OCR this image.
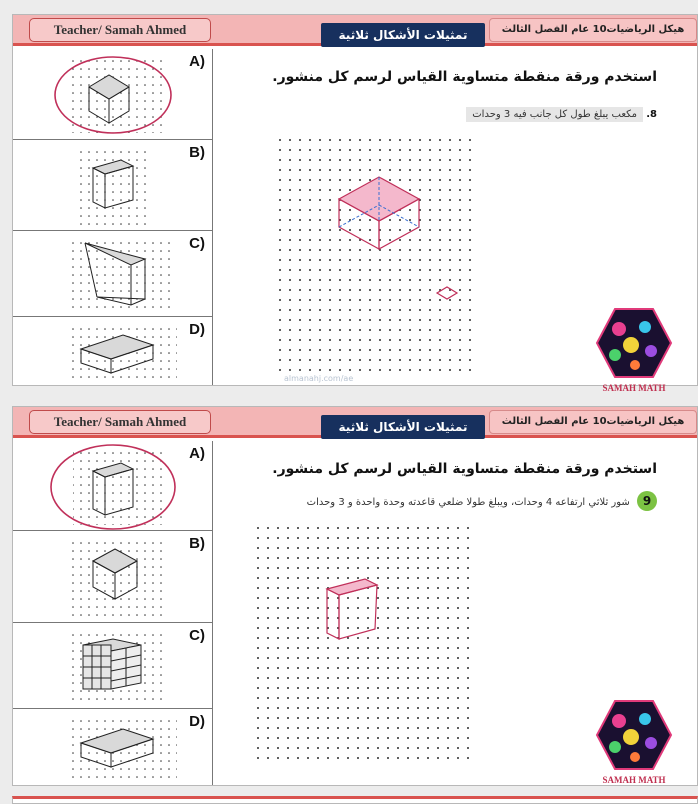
Teacher/ Samah Ahmed	هيكل الرياضيات10 عام الفصل الثالث
تمثيلات الأشكال ثلاثية الأبعاد
A)
B)
C)
D)
استخدم ورقة منقطة متساوية القياس لرسم كل منشور.
8. مكعب يبلغ طول كل جانب فيه 3 وحدات
SAMAH MATH
almanahj.com/ae
Teacher/ Samah Ahmed	هيكل الرياضيات10 عام الفصل الثالث
تمثيلات الأشكال ثلاثية الأبعاد
A)
B)
C)
D)
استخدم ورقة منقطة متساوية القياس لرسم كل منشور.
9 شور ثلاثي ارتفاعه 4 وحدات، ويبلغ طولا ضلعي قاعدته وحدة واحدة و 3 وحدات
SAMAH MATH
